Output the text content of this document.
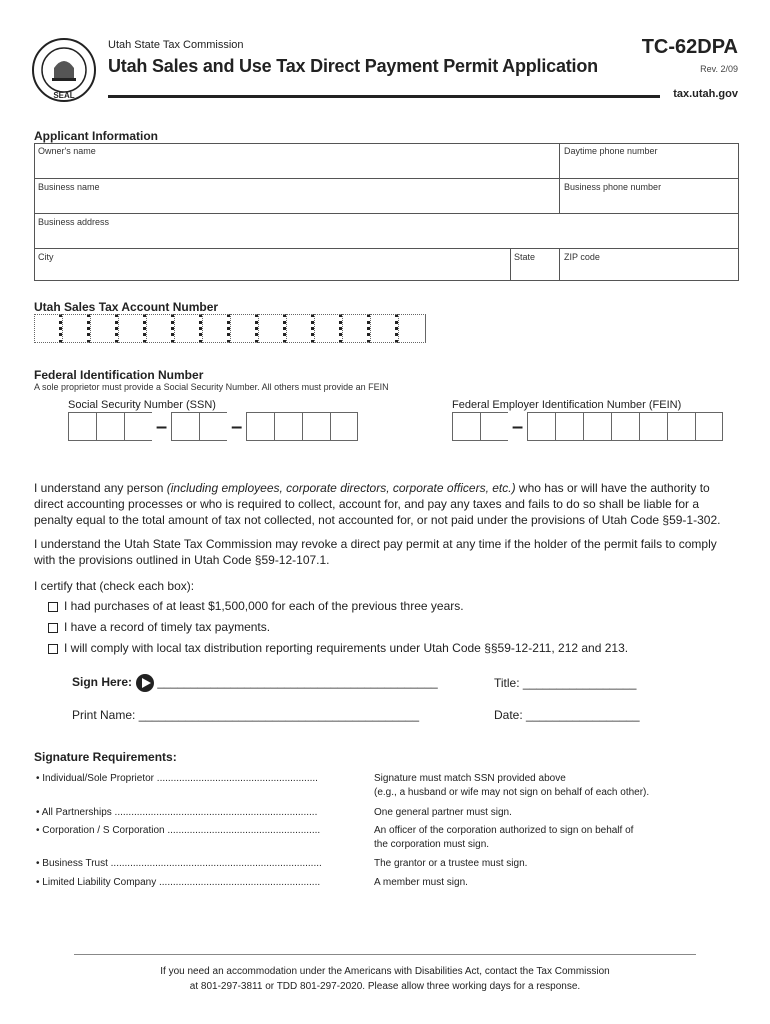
SEAL
Utah State Tax Commission
Utah Sales and Use Tax Direct Payment Permit Application
TC-62DPA
Rev. 2/09
tax.utah.gov
Applicant Information
Owner's name	Daytime phone number
Business name	Business phone number
Business address
City	State	ZIP code
Utah Sales Tax Account Number
Federal Identification Number
A sole proprietor must provide a Social Security Number. All others must provide an FEIN
Social Security Number (SSN)	Federal Employer Identification Number (FEIN)
–	–	–
I understand any person (including employees, corporate directors, corporate officers, etc.) who has or will have the authority to direct accounting processes or who is required to collect, account for, and pay any taxes and fails to do so shall be liable for a penalty equal to the total amount of tax not collected, not accounted for, or not paid under the provisions of Utah Code §59-1-302.
I understand the Utah State Tax Commission may revoke a direct pay permit at any time if the holder of the permit fails to comply with the provisions outlined in Utah Code §59-12-107.1.
I certify that (check each box):
I had purchases of at least $1,500,000 for each of the previous three years.
I have a record of timely tax payments.
I will comply with local tax distribution reporting requirements under Utah Code §§59-12-211, 212 and 213.
Sign Here: __________________________________________	Title: _________________
Print Name: __________________________________________	Date: _________________
Signature Requirements:
• Individual/Sole Proprietor ..........................................................	Signature must match SSN provided above
(e.g., a husband or wife may not sign on behalf of each other).
• All Partnerships .........................................................................	One general partner must sign.
• Corporation / S Corporation .......................................................	An officer of the corporation authorized to sign on behalf of
the corporation must sign.
• Business Trust ............................................................................	The grantor or a trustee must sign.
• Limited Liability Company ..........................................................	A member must sign.
If you need an accommodation under the Americans with Disabilities Act, contact the Tax Commission
at 801-297-3811 or TDD 801-297-2020. Please allow three working days for a response.
